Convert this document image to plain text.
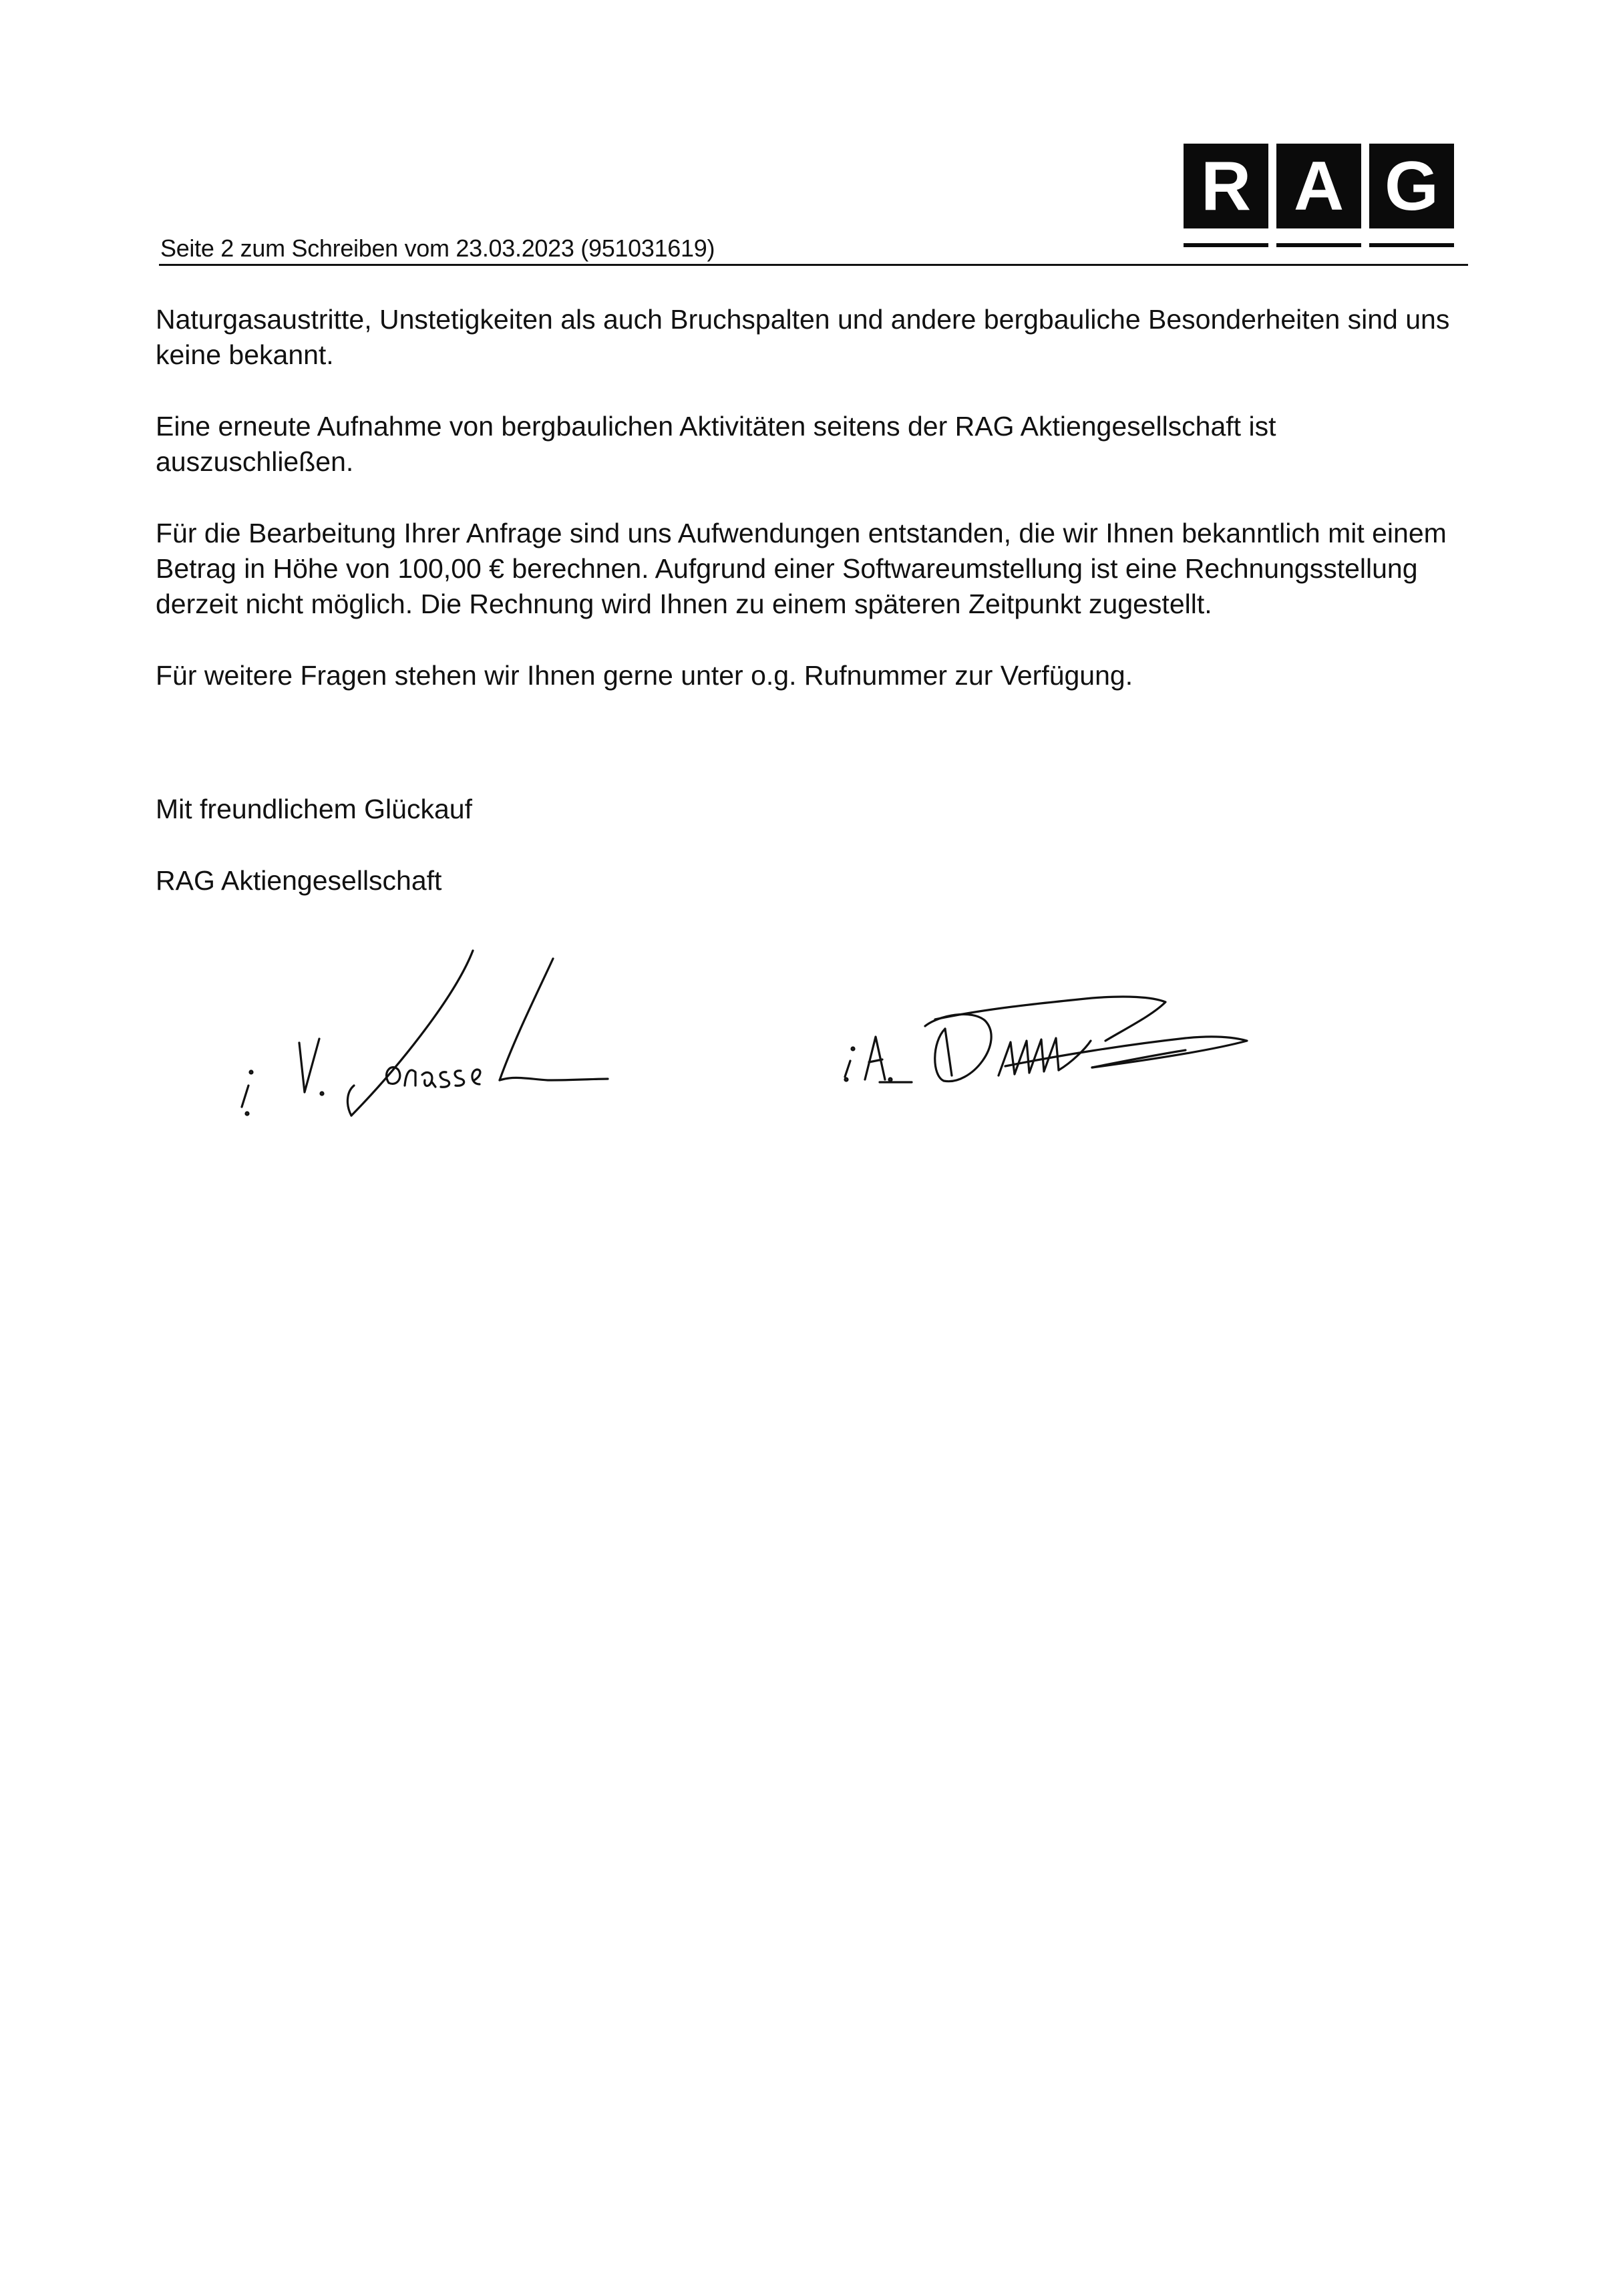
R A G
Seite 2 zum Schreiben vom 23.03.2023 (951031619)

Naturgasaustritte, Unstetigkeiten als auch Bruchspalten und andere bergbauliche Besonderheiten sind uns keine bekannt.

Eine erneute Aufnahme von bergbaulichen Aktivitäten seitens der RAG Aktiengesellschaft ist auszuschließen.

Für die Bearbeitung Ihrer Anfrage sind uns Aufwendungen entstanden, die wir Ihnen bekanntlich mit einem Betrag in Höhe von 100,00 € berechnen. Aufgrund einer Softwareumstellung ist eine Rechnungsstellung derzeit nicht möglich. Die Rechnung wird Ihnen zu einem späteren Zeitpunkt zugestellt.

Für weitere Fragen stehen wir Ihnen gerne unter o.g. Rufnummer zur Verfügung.

Mit freundlichem Glückauf
RAG Aktiengesellschaft
